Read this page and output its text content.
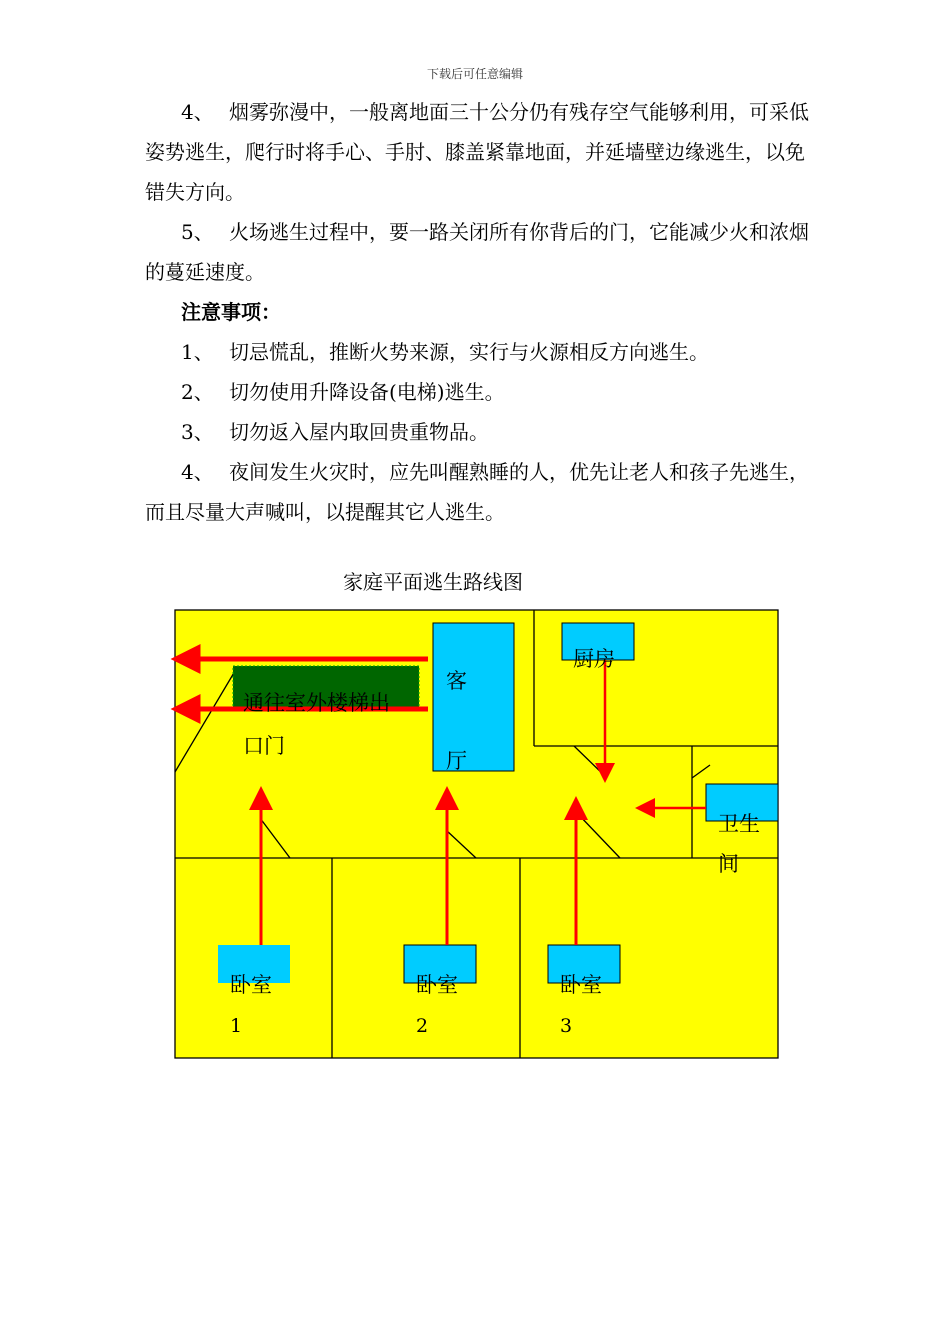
下载后可任意编辑

4、 烟雾弥漫中，一般离地面三十公分仍有残存空气能够利用，可采低姿势逃生，爬行时将手心、手肘、膝盖紧靠地面，并延墙壁边缘逃生，以免错失方向。

5、 火场逃生过程中，要一路关闭所有你背后的门，它能减少火和浓烟的蔓延速度。

注意事项：

1、 切忌慌乱，推断火势来源，实行与火源相反方向逃生。

2、 切勿使用升降设备(电梯)逃生。

3、 切勿返入屋内取回贵重物品。

4、 夜间发生火灾时，应先叫醒熟睡的人，优先让老人和孩子先逃生，而且尽量大声喊叫，以提醒其它人逃生。

家庭平面逃生路线图
通往室外楼梯出
口门
客
厅
厨房
卫生
间
卧室
1
卧室
2
卧室
3
